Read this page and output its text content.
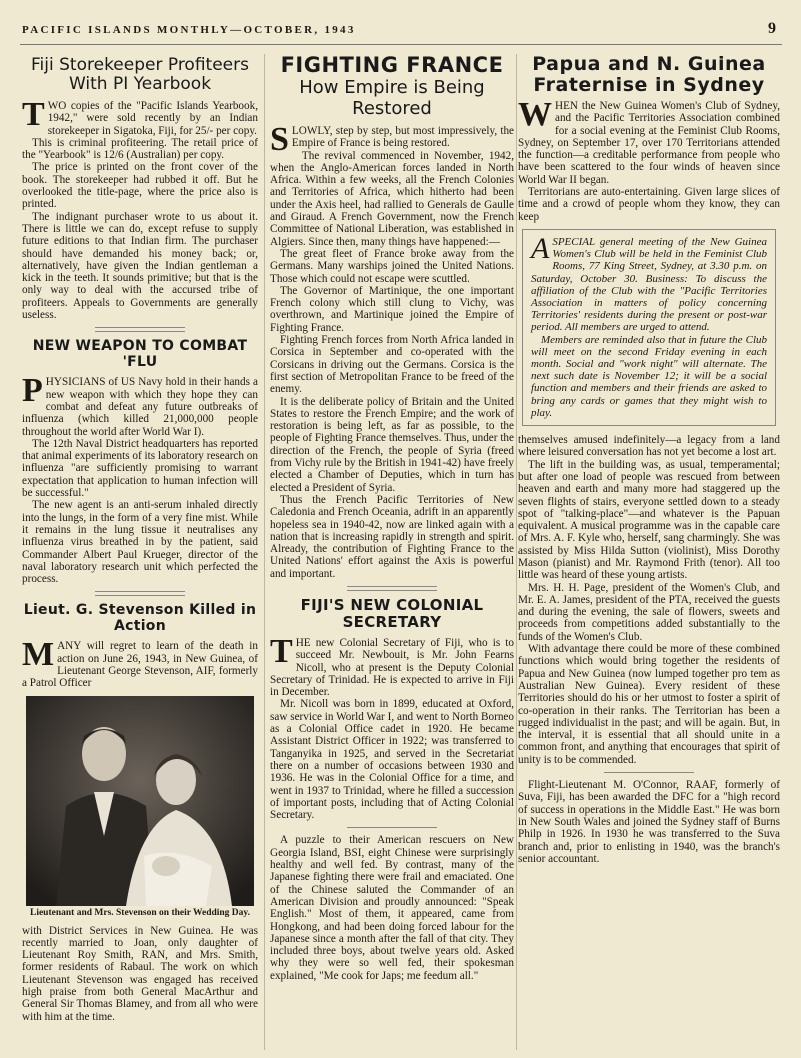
PACIFIC ISLANDS MONTHLY—OCTOBER, 1943	9
Fiji Storekeeper Profiteers With PI Yearbook

TWO copies of the "Pacific Islands Yearbook, 1942," were sold recently by an Indian storekeeper in Sigatoka, Fiji, for 25/- per copy.

This is criminal profiteering. The retail price of the "Yearbook" is 12/6 (Australian) per copy.

The price is printed on the front cover of the book. The storekeeper had rubbed it off. But he overlooked the title-page, where the price also is printed.

The indignant purchaser wrote to us about it. There is little we can do, except refuse to supply future editions to that Indian firm. The purchaser should have demanded his money back; or, alternatively, have given the Indian gentleman a kick in the teeth. It sounds primitive; but that is the only way to deal with the accursed tribe of profiteers. Appeals to Governments are generally useless.

NEW WEAPON TO COMBAT 'FLU

PHYSICIANS of US Navy hold in their hands a new weapon with which they hope they can combat and defeat any future outbreaks of influenza (which killed 21,000,000 people throughout the world after World War I).

The 12th Naval District headquarters has reported that animal experiments of its laboratory research on influenza "are sufficiently promising to warrant expectation that application to human infection will be successful."

The new agent is an anti-serum inhaled directly into the lungs, in the form of a very fine mist. While it remains in the lung tissue it neutralises any influenza virus breathed in by the patient, said Commander Albert Paul Krueger, director of the naval laboratory research unit which perfected the process.

Lieut. G. Stevenson Killed in Action

MANY will regret to learn of the death in action on June 26, 1943, in New Guinea, of Lieutenant George Stevenson, AIF, formerly a Patrol Officer

Lieutenant and Mrs. Stevenson on their Wedding Day.

with District Services in New Guinea. He was recently married to Joan, only daughter of Lieutenant Roy Smith, RAN, and Mrs. Smith, former residents of Rabaul. The work on which Lieutenant Stevenson was engaged has received high praise from both General MacArthur and General Sir Thomas Blamey, and from all who were with him at the time.

FIGHTING FRANCE
How Empire is Being Restored

SLOWLY, step by step, but most impressively, the Empire of France is being restored.

The revival commenced in November, 1942, when the Anglo-American forces landed in North Africa. Within a few weeks, all the French Colonies and Territories of Africa, which hitherto had been under the Axis heel, had rallied to Generals de Gaulle and Giraud. A French Government, now the French Committee of National Liberation, was established in Algiers. Since then, many things have happened:—

The great fleet of France broke away from the Germans. Many warships joined the United Nations. Those which could not escape were scuttled.

The Governor of Martinique, the one important French colony which still clung to Vichy, was overthrown, and Martinique joined the Empire of Fighting France.

Fighting French forces from North Africa landed in Corsica in September and co-operated with the Corsicans in driving out the Germans. Corsica is the first section of Metropolitan France to be freed of the enemy.

It is the deliberate policy of Britain and the United States to restore the French Empire; and the work of restoration is being left, as far as possible, to the people of Fighting France themselves. Thus, under the direction of the French, the people of Syria (freed from Vichy rule by the British in 1941-42) have freely elected a Chamber of Deputies, which in turn has elected a President of Syria.

Thus the French Pacific Territories of New Caledonia and French Oceania, adrift in an apparently hopeless sea in 1940-42, now are linked again with a nation that is increasing rapidly in strength and spirit. Already, the contribution of Fighting France to the United Nations' effort against the Axis is powerful and important.

FIJI'S NEW COLONIAL SECRETARY

THE new Colonial Secretary of Fiji, who is to succeed Mr. Newbouit, is Mr. John Fearns Nicoll, who at present is the Deputy Colonial Secretary of Trinidad. He is expected to arrive in Fiji in December.

Mr. Nicoll was born in 1899, educated at Oxford, saw service in World War I, and went to North Borneo as a Colonial Office cadet in 1920. He became Assistant District Officer in 1922; was transferred to Tanganyika in 1925, and served in the Secretariat there on a number of occasions between 1930 and 1936. He was in the Colonial Office for a time, and went in 1937 to Trinidad, where he filled a succession of important posts, including that of Acting Colonial Secretary.

A puzzle to their American rescuers on New Georgia Island, BSI, eight Chinese were surprisingly healthy and well fed. By contrast, many of the Japanese fighting there were frail and emaciated. One of the Chinese saluted the Commander of an American Division and proudly announced: "Speak English." Most of them, it appeared, came from Hongkong, and had been doing forced labour for the Japanese since a month after the fall of that city. They included three boys, about twelve years old. Asked why they were so well fed, their spokesman explained, "Me cook for Japs; me feedum all."

Papua and N. Guinea Fraternise in Sydney

WHEN the New Guinea Women's Club of Sydney, and the Pacific Territories Association combined for a social evening at the Feminist Club Rooms, Sydney, on September 17, over 170 Territorians attended the function—a creditable performance from people who have been scattered to the four winds of heaven since World War II began.

Territorians are auto-entertaining. Given large slices of time and a crowd of people whom they know, they can keep

ASPECIAL general meeting of the New Guinea Women's Club will be held in the Feminist Club Rooms, 77 King Street, Sydney, at 3.30 p.m. on Saturday, October 30. Business: To discuss the affiliation of the Club with the "Pacific Territories Association in matters of policy concerning Territories' residents during the present or post-war period. All members are urged to attend.

Members are reminded also that in future the Club will meet on the second Friday evening in each month. Social and "work night" will alternate. The next such date is November 12; it will be a social function and members and their friends are asked to bring any cards or games that they might wish to play.

themselves amused indefinitely—a legacy from a land where leisured conversation has not yet become a lost art.

The lift in the building was, as usual, temperamental; but after one load of people was rescued from between heaven and earth and many more had staggered up the seven flights of stairs, everyone settled down to a steady spot of "talking-place"—and whatever is the Papuan equivalent. A musical programme was in the capable care of Mrs. A. F. Kyle who, herself, sang charmingly. She was assisted by Miss Hilda Sutton (violinist), Miss Dorothy Mason (pianist) and Mr. Raymond Frith (tenor). All too little was heard of these young artists.

Mrs. H. H. Page, president of the Women's Club, and Mr. E. A. James, president of the PTA, received the guests and during the evening, the sale of flowers, sweets and proceeds from competitions added substantially to the funds of the Women's Club.

With advantage there could be more of these combined functions which would bring together the residents of Papua and New Guinea (now lumped together pro tem as Australian New Guinea). Every resident of these Territories should do his or her utmost to foster a spirit of co-operation in their ranks. The Territorian has been a rugged individualist in the past; and will be again. But, in the interval, it is essential that all should unite in a common front, and anything that encourages that spirit of unity is to be commended.

Flight-Lieutenant M. O'Connor, RAAF, formerly of Suva, Fiji, has been awarded the DFC for a "high record of success in operations in the Middle East." He was born in New South Wales and joined the Sydney staff of Burns Philp in 1926. In 1930 he was transferred to the Suva branch and, prior to enlisting in 1940, was the branch's senior accountant.
